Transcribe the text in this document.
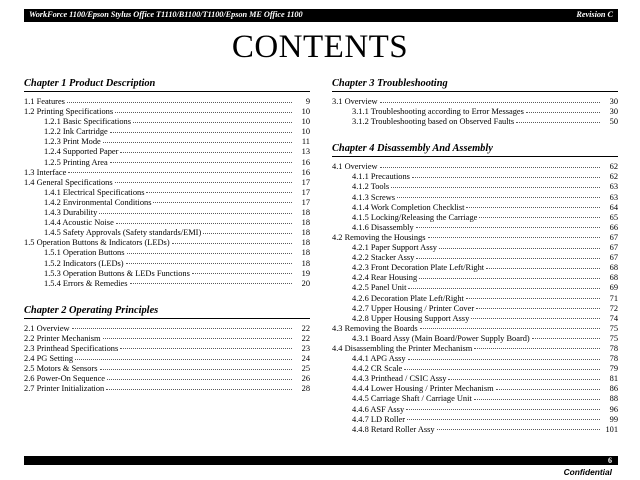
WorkForce 1100/Epson Stylus Office T1110/B1100/T1100/Epson ME Office 1100	Revision C
CONTENTS
Chapter 1 Product Description
1.1 Features	9
1.2 Printing Specifications	10
1.2.1 Basic Specifications	10
1.2.2 Ink Cartridge	10
1.2.3 Print Mode	11
1.2.4 Supported Paper	13
1.2.5 Printing Area	16
1.3 Interface	16
1.4 General Specifications	17
1.4.1 Electrical Specifications	17
1.4.2 Environmental Conditions	17
1.4.3 Durability	18
1.4.4 Acoustic Noise	18
1.4.5 Safety Approvals (Safety standards/EMI)	18
1.5 Operation Buttons & Indicators (LEDs)	18
1.5.1 Operation Buttons	18
1.5.2 Indicators (LEDs)	18
1.5.3 Operation Buttons & LEDs Functions	19
1.5.4 Errors & Remedies	20
Chapter 2 Operating Principles
2.1 Overview	22
2.2 Printer Mechanism	22
2.3 Printhead Specifications	23
2.4 PG Setting	24
2.5 Motors & Sensors	25
2.6 Power-On Sequence	26
2.7 Printer Initialization	28
Chapter 3 Troubleshooting
3.1 Overview	30
3.1.1 Troubleshooting according to Error Messages	30
3.1.2 Troubleshooting based on Observed Faults	50
Chapter 4 Disassembly And Assembly
4.1 Overview	62
4.1.1 Precautions	62
4.1.2 Tools	63
4.1.3 Screws	63
4.1.4 Work Completion Checklist	64
4.1.5 Locking/Releasing the Carriage	65
4.1.6 Disassembly	66
4.2 Removing the Housings	67
4.2.1 Paper Support Assy	67
4.2.2 Stacker Assy	67
4.2.3 Front Decoration Plate Left/Right	68
4.2.4 Rear Housing	68
4.2.5 Panel Unit	69
4.2.6 Decoration Plate Left/Right	71
4.2.7 Upper Housing / Printer Cover	72
4.2.8 Upper Housing Support Assy	74
4.3 Removing the Boards	75
4.3.1 Board Assy (Main Board/Power Supply Board)	75
4.4 Disassembling the Printer Mechanism	78
4.4.1 APG Assy	78
4.4.2 CR Scale	79
4.4.3 Printhead / CSIC Assy	81
4.4.4 Lower Housing / Printer Mechanism	86
4.4.5 Carriage Shaft / Carriage Unit	88
4.4.6 ASF Assy	96
4.4.7 LD Roller	99
4.4.8 Retard Roller Assy	101
6
Confidential
